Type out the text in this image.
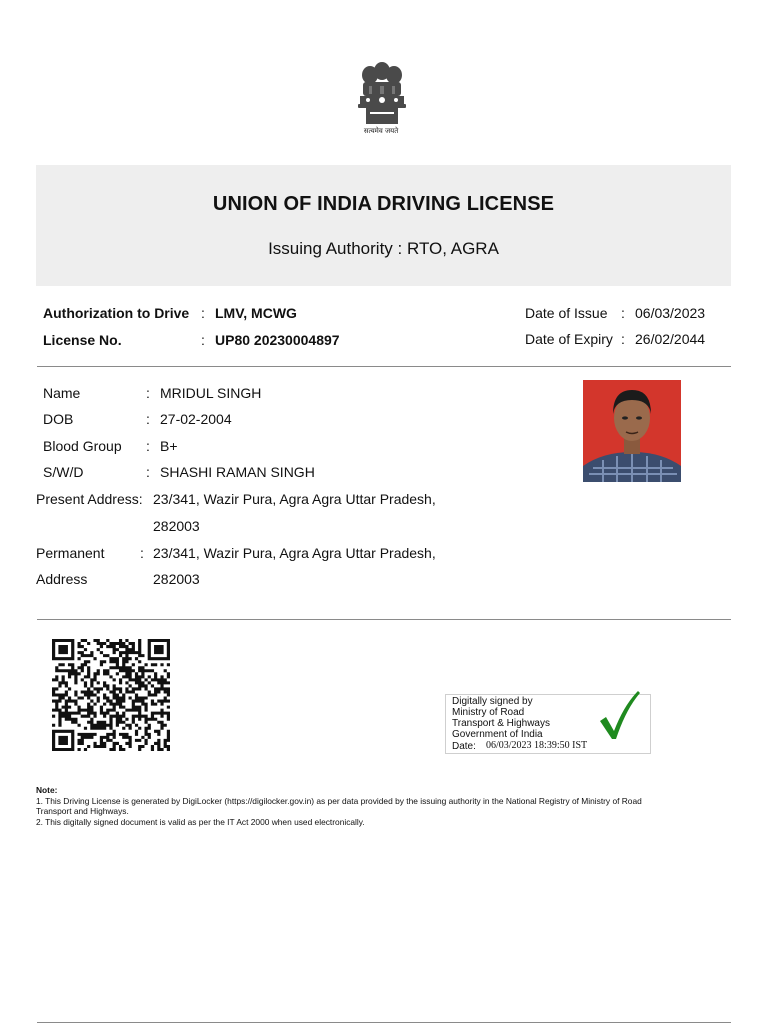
सत्यमेव जयते
UNION OF INDIA DRIVING LICENSE
Issuing Authority : RTO, AGRA
Authorization to Drive : LMV, MCWG
License No.	: UP80 20230004897
Date of Issue : 06/03/2023
Date of Expiry : 26/02/2044
Name	: MRIDUL SINGH
DOB	: 27-02-2004
Blood Group : B+
S/W/D	: SHASHI RAMAN SINGH
Present Address: 23/341, Wazir Pura, Agra Agra Uttar Pradesh,
282003
Permanent	: 23/341, Wazir Pura, Agra Agra Uttar Pradesh,
Address	282003
Digitally signed by
Ministry of Road
Transport & Highways
Government of India
Date: 06/03/2023 18:39:50 IST
Note:
1. This Driving License is generated by DigiLocker (https://digilocker.gov.in) as per data provided by the issuing authority in the National Registry of Ministry of Road
Transport and Highways.
2. This digitally signed document is valid as per the IT Act 2000 when used electronically.
